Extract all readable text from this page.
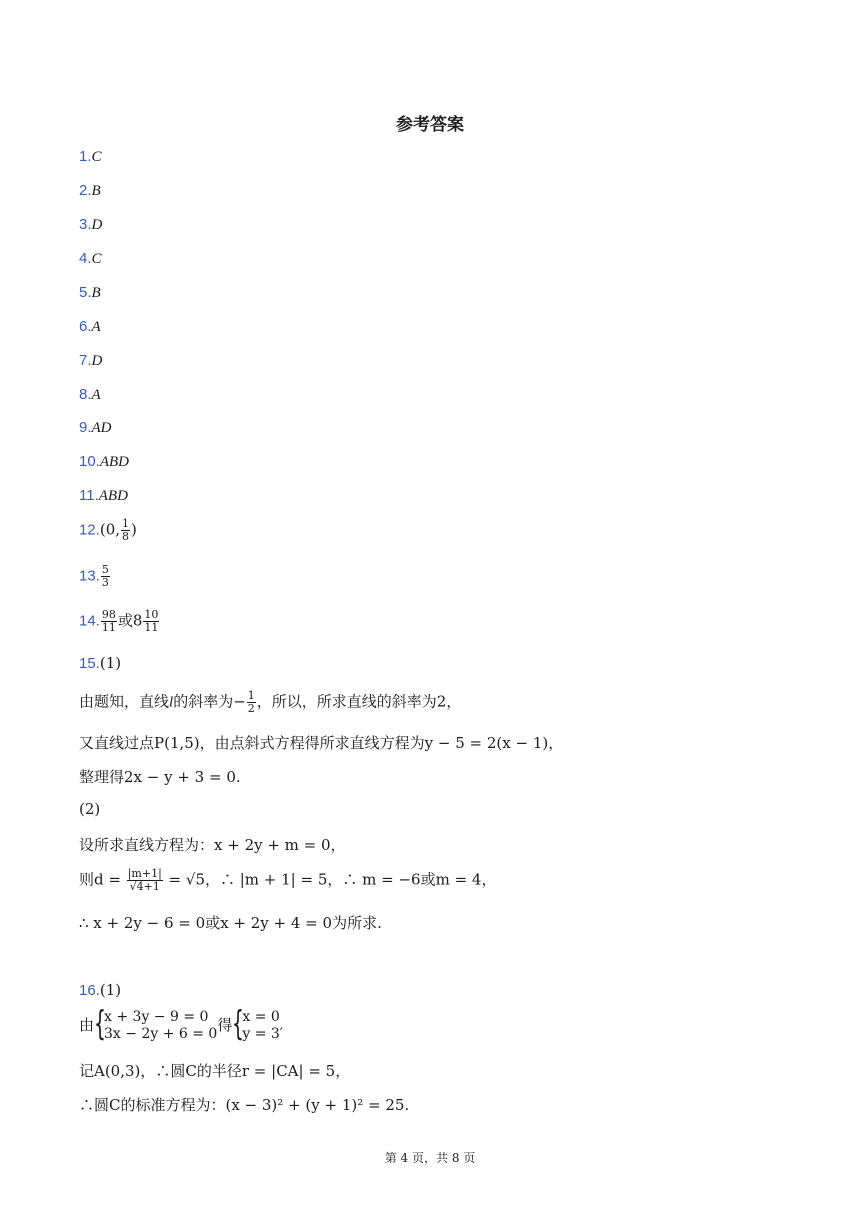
参考答案
1.C
2.B
3.D
4.C
5.B
6.A
7.D
8.A
9.AD
10.ABD
11.ABD
12.(0, $\frac{1}{8}$ )
13. $\frac{5}{3}$
14. $\frac{98}{11}$ 或$8 \frac{10}{11}$
15.(1)
由题知，直线l的斜率为− $\frac{1}{2}$ ，所以，所求直线的斜率为2，
又直线过点P(1,5)，由点斜式方程得所求直线方程为y − 5 = 2(x − 1)，
整理得2x − y + 3 = 0.
(2)
设所求直线方程为：x + 2y + m = 0，
则$d = \frac{|m+1|}{√4+1} = √5$，∴ |m + 1| = 5，∴ m = −6或m = 4，
∴ x + 2y − 6 = 0或x + 2y + 4 = 0为所求.
16.(1)
由 { x + 3y − 9 = 0
3x − 2y + 6 = 0 得 { x = 0
y = 3′
记A(0,3)，∴圆C的半径r = |CA| = 5，
∴圆C的标准方程为：(x − 3)² + (y + 1)² = 25.
第 4 页，共 8 页
